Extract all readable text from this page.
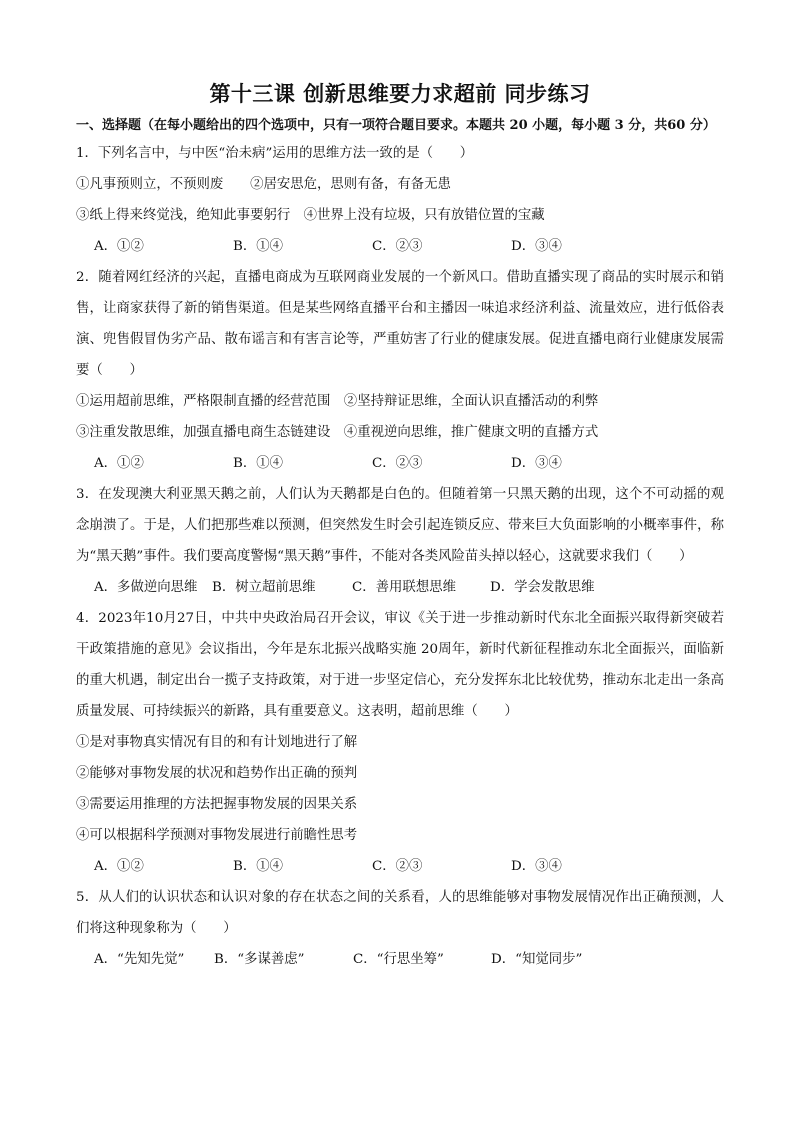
第十三课 创新思维要力求超前 同步练习

一、选择题（在每小题给出的四个选项中，只有一项符合题目要求。本题共 20 小题，每小题 3 分，共60 分）

1．下列名言中，与中医“治未病”运用的思维方法一致的是（　　）

①凡事预则立，不预则废　　②居安思危，思则有备，有备无患

③纸上得来终觉浅，绝知此事要躬行　④世界上没有垃圾，只有放错位置的宝藏

A．①②	B．①④	C．②③	D．③④

2．随着网红经济的兴起，直播电商成为互联网商业发展的一个新风口。借助直播实现了商品的实时展示和销售，让商家获得了新的销售渠道。但是某些网络直播平台和主播因一味追求经济利益、流量效应，进行低俗表演、兜售假冒伪劣产品、散布谣言和有害言论等，严重妨害了行业的健康发展。促进直播电商行业健康发展需要（　　）

①运用超前思维，严格限制直播的经营范围　②坚持辩证思维，全面认识直播活动的利弊

③注重发散思维，加强直播电商生态链建设　④重视逆向思维，推广健康文明的直播方式

A．①②	B．①④	C．②③	D．③④

3．在发现澳大利亚黑天鹅之前，人们认为天鹅都是白色的。但随着第一只黑天鹅的出现，这个不可动摇的观念崩溃了。于是，人们把那些难以预测，但突然发生时会引起连锁反应、带来巨大负面影响的小概率事件，称为“黑天鹅”事件。我们要高度警惕“黑天鹅”事件，不能对各类风险苗头掉以轻心，这就要求我们（　　）

A．多做逆向思维	B．树立超前思维	C．善用联想思维	D．学会发散思维

4．2023年10月27日，中共中央政治局召开会议，审议《关于进一步推动新时代东北全面振兴取得新突破若干政策措施的意见》会议指出，今年是东北振兴战略实施 20周年，新时代新征程推动东北全面振兴，面临新的重大机遇，制定出台一揽子支持政策，对于进一步坚定信心，充分发挥东北比较优势，推动东北走出一条高质量发展、可持续振兴的新路，具有重要意义。这表明，超前思维（　　）

①是对事物真实情况有目的和有计划地进行了解

②能够对事物发展的状况和趋势作出正确的预判

③需要运用推理的方法把握事物发展的因果关系

④可以根据科学预测对事物发展进行前瞻性思考

A．①②	B．①④	C．②③	D．③④

5．从人们的认识状态和认识对象的存在状态之间的关系看，人的思维能够对事物发展情况作出正确预测，人们将这种现象称为（　　）

A．“先知先觉”	B．“多谋善虑”	C．“行思坐筹”	D．“知觉同步”
